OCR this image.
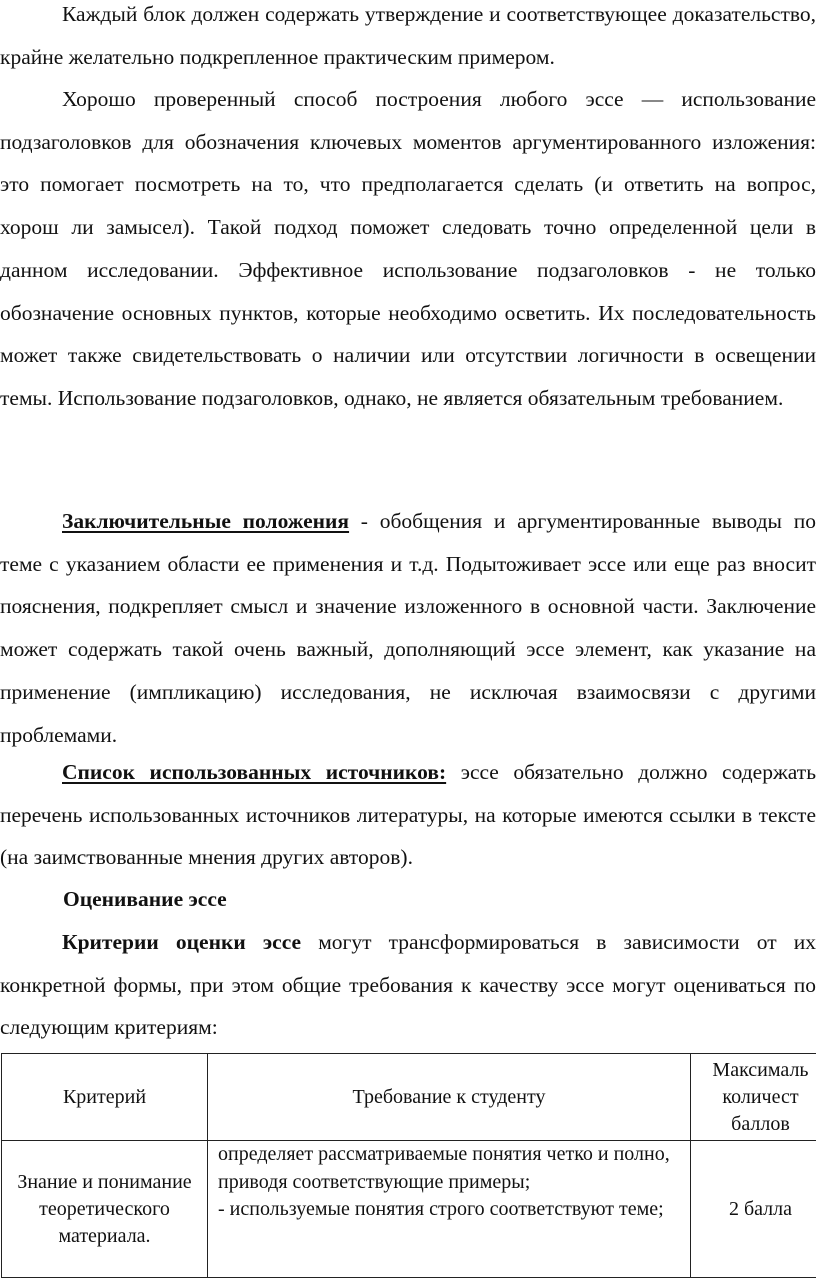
Каждый блок должен содержать утверждение и соответствующее доказательство, крайне желательно подкрепленное практическим примером.

Хорошо проверенный способ построения любого эссе — использование подзаголовков для обозначения ключевых моментов аргументированного изложения: это помогает посмотреть на то, что предполагается сделать (и ответить на вопрос, хорош ли замысел). Такой подход поможет следовать точно определенной цели в данном исследовании. Эффективное использование подзаголовков - не только обозначение основных пунктов, которые необходимо осветить. Их последовательность может также свидетельствовать о наличии или отсутствии логичности в освещении темы. Использование подзаголовков, однако, не является обязательным требованием.

Заключительные положения - обобщения и аргументированные выводы по теме с указанием области ее применения и т.д. Подытоживает эссе или еще раз вносит пояснения, подкрепляет смысл и значение изложенного в основной части. Заключение может содержать такой очень важный, дополняющий эссе элемент, как указание на применение (импликацию) исследования, не исключая взаимосвязи с другими проблемами.

Список использованных источников: эссе обязательно должно содержать перечень использованных источников литературы, на которые имеются ссылки в тексте (на заимствованные мнения других авторов).

Оценивание эссе

Критерии оценки эссе могут трансформироваться в зависимости от их конкретной формы, при этом общие требования к качеству эссе могут оцениваться по следующим критериям:

Критерий	Требование к студенту	Максималь
количест
баллов

Знание и понимание теоретического материала.	определяет рассматриваемые понятия четко и полно, приводя соответствующие примеры;
- используемые понятия строго соответствуют теме;	2 балла
